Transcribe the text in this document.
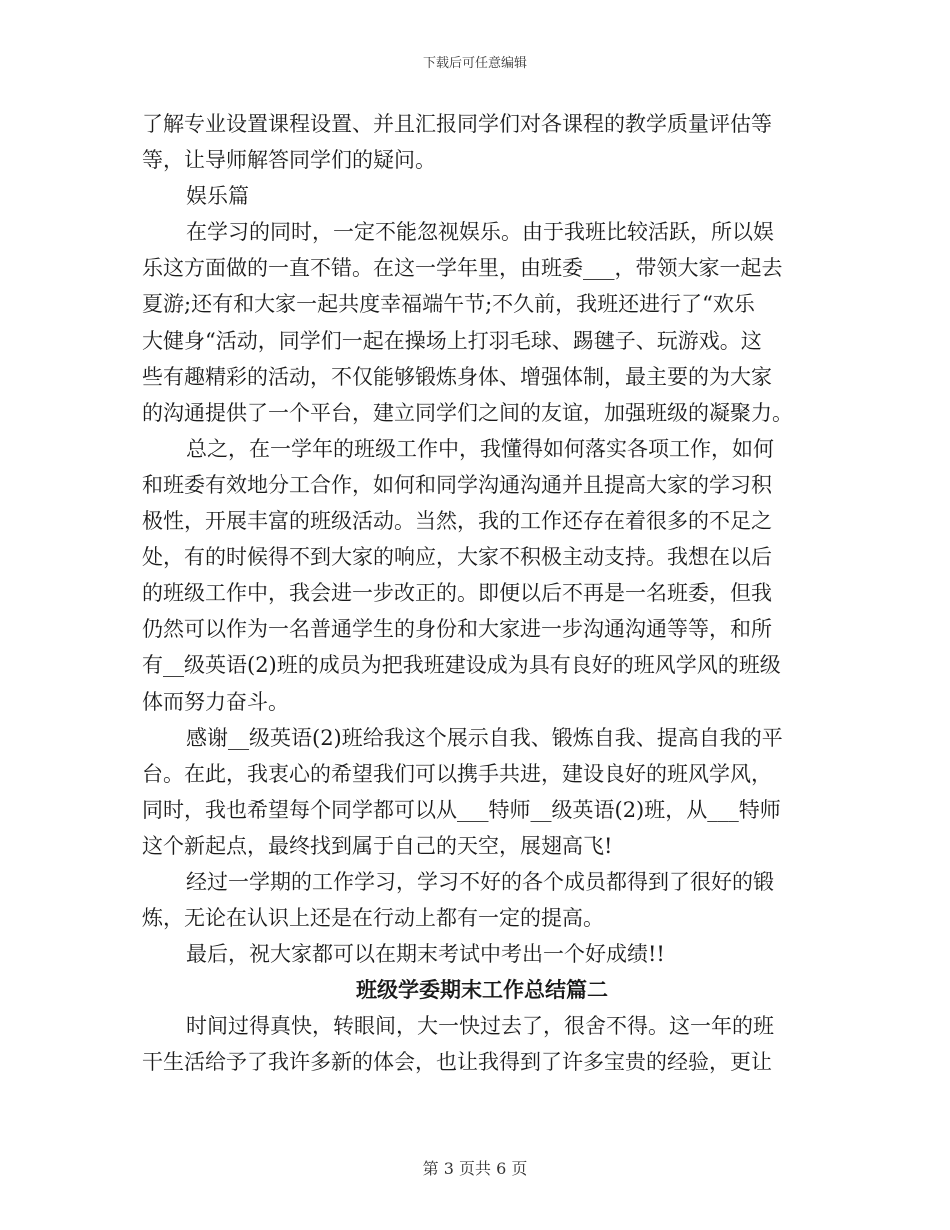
下载后可任意编辑
了解专业设置课程设置、并且汇报同学们对各课程的教学质量评估等
等，让导师解答同学们的疑问。
娱乐篇
在学习的同时，一定不能忽视娱乐。由于我班比较活跃，所以娱
乐这方面做的一直不错。在这一学年里，由班委___，带领大家一起去
夏游;还有和大家一起共度幸福端午节;不久前，我班还进行了“欢乐
大健身“活动，同学们一起在操场上打羽毛球、踢毽子、玩游戏。这
些有趣精彩的活动，不仅能够锻炼身体、增强体制，最主要的为大家
的沟通提供了一个平台，建立同学们之间的友谊，加强班级的凝聚力。
总之，在一学年的班级工作中，我懂得如何落实各项工作，如何
和班委有效地分工合作，如何和同学沟通沟通并且提高大家的学习积
极性，开展丰富的班级活动。当然，我的工作还存在着很多的不足之
处，有的时候得不到大家的响应，大家不积极主动支持。我想在以后
的班级工作中，我会进一步改正的。即便以后不再是一名班委，但我
仍然可以作为一名普通学生的身份和大家进一步沟通沟通等等，和所
有__级英语(2)班的成员为把我班建设成为具有良好的班风学风的班级
体而努力奋斗。
感谢__级英语(2)班给我这个展示自我、锻炼自我、提高自我的平
台。在此，我衷心的希望我们可以携手共进，建设良好的班风学风，
同时，我也希望每个同学都可以从___特师__级英语(2)班，从___特师
这个新起点，最终找到属于自己的天空，展翅高飞!
经过一学期的工作学习，学习不好的各个成员都得到了很好的锻
炼，无论在认识上还是在行动上都有一定的提高。
最后，祝大家都可以在期末考试中考出一个好成绩!!
班级学委期末工作总结篇二
时间过得真快，转眼间，大一快过去了，很舍不得。这一年的班
干生活给予了我许多新的体会，也让我得到了许多宝贵的经验，更让
第 3 页共 6 页
